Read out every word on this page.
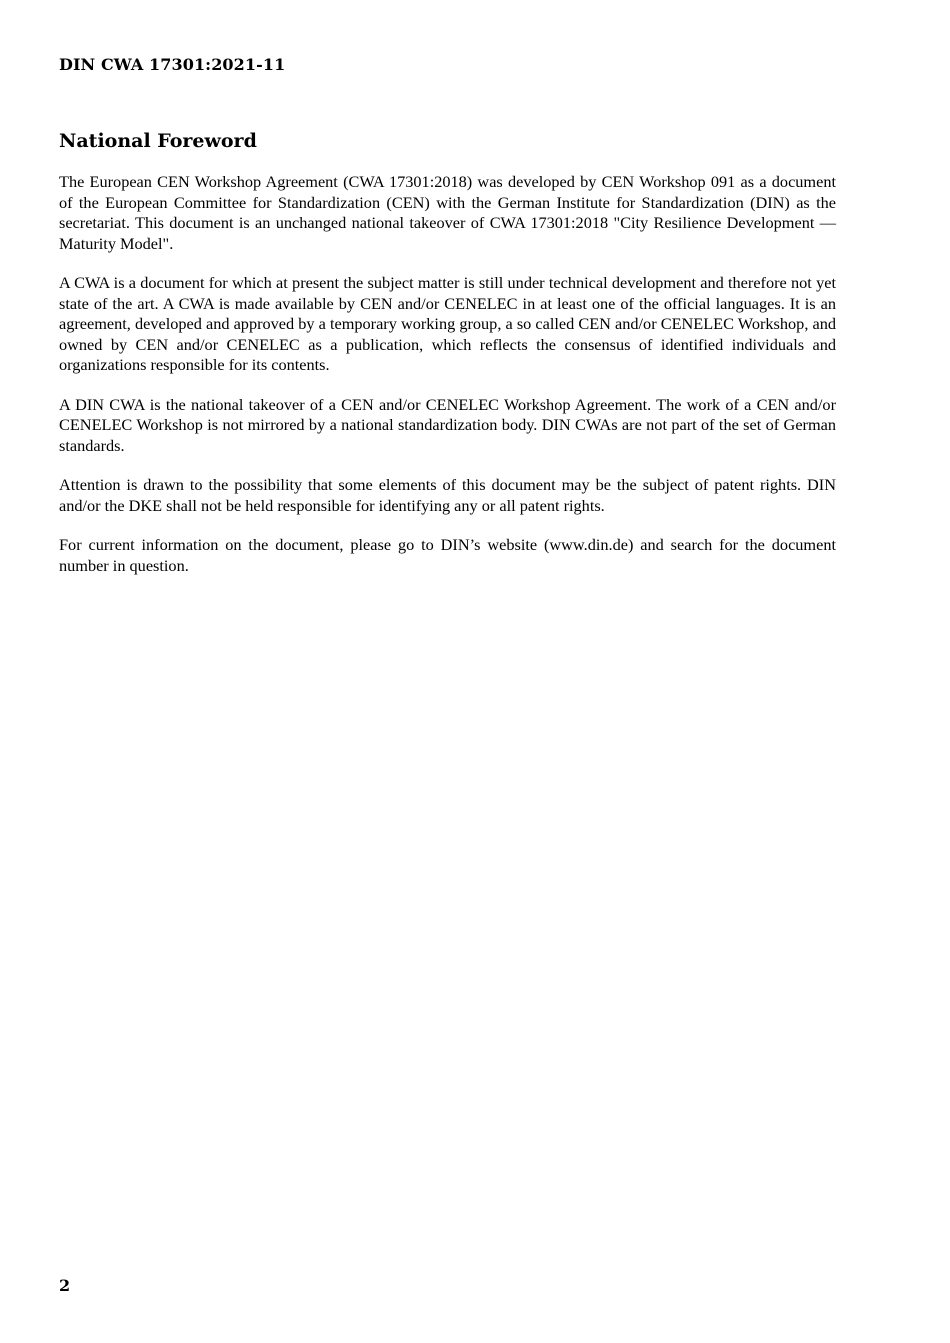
DIN CWA 17301:2021-11

National Foreword

The European CEN Workshop Agreement (CWA 17301:2018) was developed by CEN Workshop 091 as a document of the European Committee for Standardization (CEN) with the German Institute for Standardization (DIN) as the secretariat. This document is an unchanged national takeover of CWA 17301:2018 "City Resilience Development — Maturity Model".

A CWA is a document for which at present the subject matter is still under technical development and therefore not yet state of the art. A CWA is made available by CEN and/or CENELEC in at least one of the official languages. It is an agreement, developed and approved by a temporary working group, a so called CEN and/or CENELEC Workshop, and owned by CEN and/or CENELEC as a publication, which reflects the consensus of identified individuals and organizations responsible for its contents.

A DIN CWA is the national takeover of a CEN and/or CENELEC Workshop Agreement. The work of a CEN and/or CENELEC Workshop is not mirrored by a national standardization body. DIN CWAs are not part of the set of German standards.

Attention is drawn to the possibility that some elements of this document may be the subject of patent rights. DIN and/or the DKE shall not be held responsible for identifying any or all patent rights.

For current information on the document, please go to DIN’s website (www.din.de) and search for the document number in question.

2
